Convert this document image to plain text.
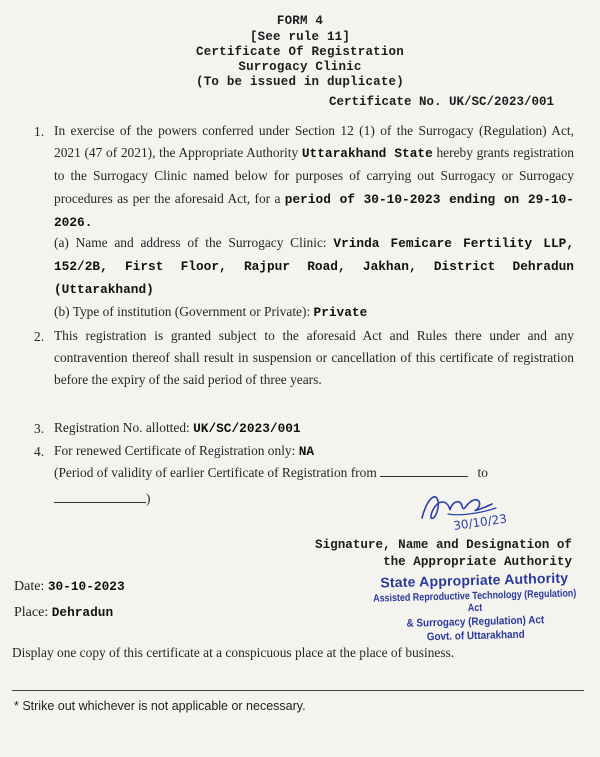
FORM 4
[See rule 11]
Certificate Of Registration
Surrogacy Clinic
(To be issued in duplicate)
Certificate No. UK/SC/2023/001
1. In exercise of the powers conferred under Section 12 (1) of the Surrogacy (Regulation) Act, 2021 (47 of 2021), the Appropriate Authority Uttarakhand State hereby grants registration to the Surrogacy Clinic named below for purposes of carrying out Surrogacy or Surrogacy procedures as per the aforesaid Act, for a period of 30-10-2023 ending on 29-10-2026.
(a) Name and address of the Surrogacy Clinic: Vrinda Femicare Fertility LLP, 152/2B, First Floor, Rajpur Road, Jakhan, District Dehradun (Uttarakhand)
(b) Type of institution (Government or Private): Private
2. This registration is granted subject to the aforesaid Act and Rules there under and any contravention thereof shall result in suspension or cancellation of this certificate of registration before the expiry of the said period of three years.
3. Registration No. allotted: UK/SC/2023/001
4. For renewed Certificate of Registration only: NA
(Period of validity of earlier Certificate of Registration from	to
)
30/10/23
Signature, Name and Designation of
the Appropriate Authority
State Appropriate Authority
Assisted Reproductive Technology (Regulation) Act
& Surrogacy (Regulation) Act
Govt. of Uttarakhand
Date: 30-10-2023
Place: Dehradun
Display one copy of this certificate at a conspicuous place at the place of business.
* Strike out whichever is not applicable or necessary.
